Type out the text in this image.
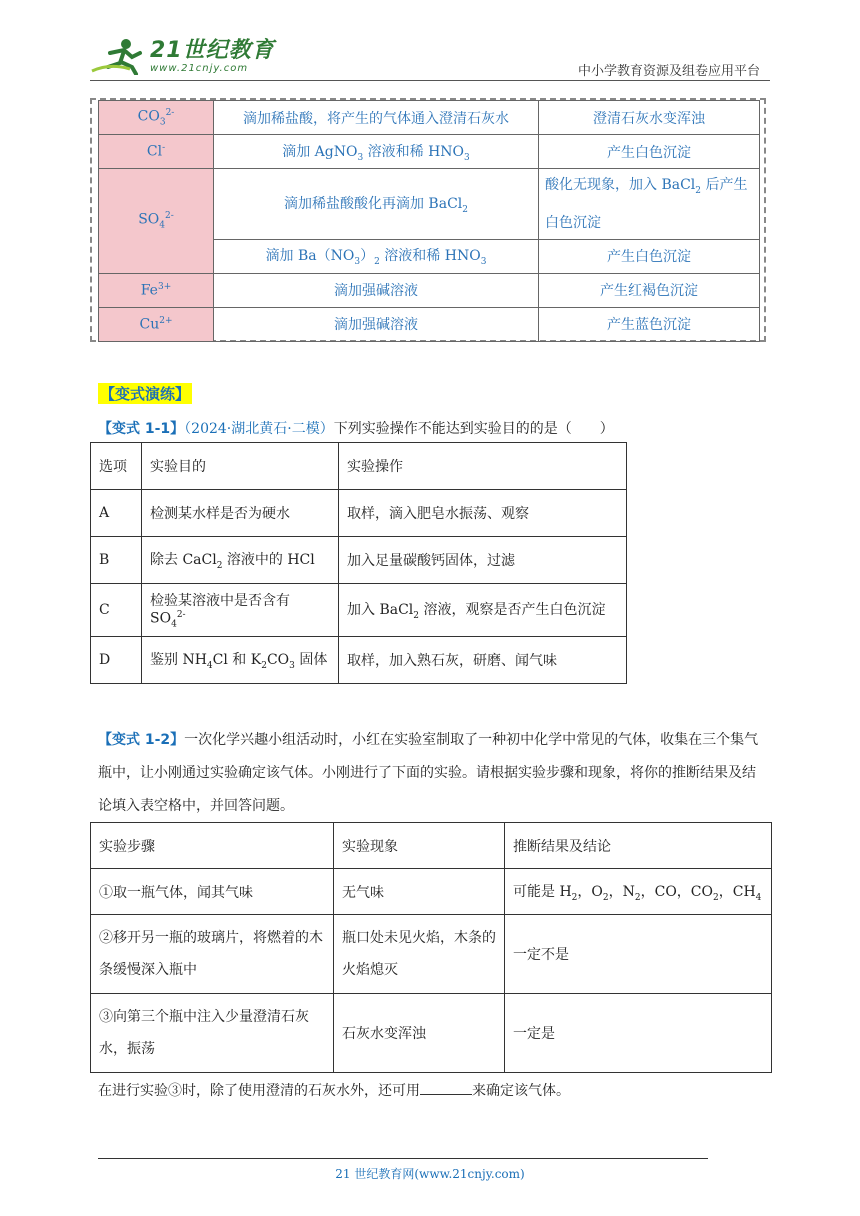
21世纪教育
www.21cnjy.com	中小学教育资源及组卷应用平台
$CO_3^{2-}$	滴加稀盐酸，将产生的气体通入澄清石灰水	澄清石灰水变浑浊
Cl-	滴加 AgNO$_3$ 溶液和稀 $HNO_3$	产生白色沉淀
$SO_4^{2-}$	滴加稀盐酸酸化再滴加 BaCl$_2$	酸化无现象，加入 BaCl$_2$ 后产生白色沉淀
	滴加 $Ba(NO_3)_2$ 溶液和稀 $HNO_3$	产生白色沉淀
$Fe^{3+}$	滴加强碱溶液	产生红褐色沉淀
$Cu^{2+}$	滴加强碱溶液	产生蓝色沉淀
【变式演练】
【变式 1-1】（2024·湖北黄石·二模）下列实验操作不能达到实验目的的是（　　）
选项	实验目的	实验操作
A	检测某水样是否为硬水	取样，滴入肥皂水振荡、观察
B	除去 CaCl$_2$ 溶液中的 HCl	加入足量碳酸钙固体，过滤
C	检验某溶液中是否含有 $SO_4^{2-}$	加入 BaCl$_2$ 溶液，观察是否产生白色沉淀
D	鉴别 $NH_4Cl$ 和 $K_2CO_3$ 固体	取样，加入熟石灰，研磨、闻气味
【变式 1-2】一次化学兴趣小组活动时，小红在实验室制取了一种初中化学中常见的气体，收集在三个集气瓶中，让小刚通过实验确定该气体。小刚进行了下面的实验。请根据实验步骤和现象，将你的推断结果及结论填入表空格中，并回答问题。
实验步骤	实验现象	推断结果及结论
①取一瓶气体，闻其气味	无气味	可能是 $H_2$，$O_2$，$N_2$，CO，$CO_2$，$CH_4$
②移开另一瓶的玻璃片，将燃着的木条缓慢深入瓶中	瓶口处未见火焰，木条的火焰熄灭	一定不是
③向第三个瓶中注入少量澄清石灰水，振荡	石灰水变浑浊	一定是
在进行实验③时，除了使用澄清的石灰水外，还可用	来确定该气体。
21 世纪教育网(www.21cnjy.com)
